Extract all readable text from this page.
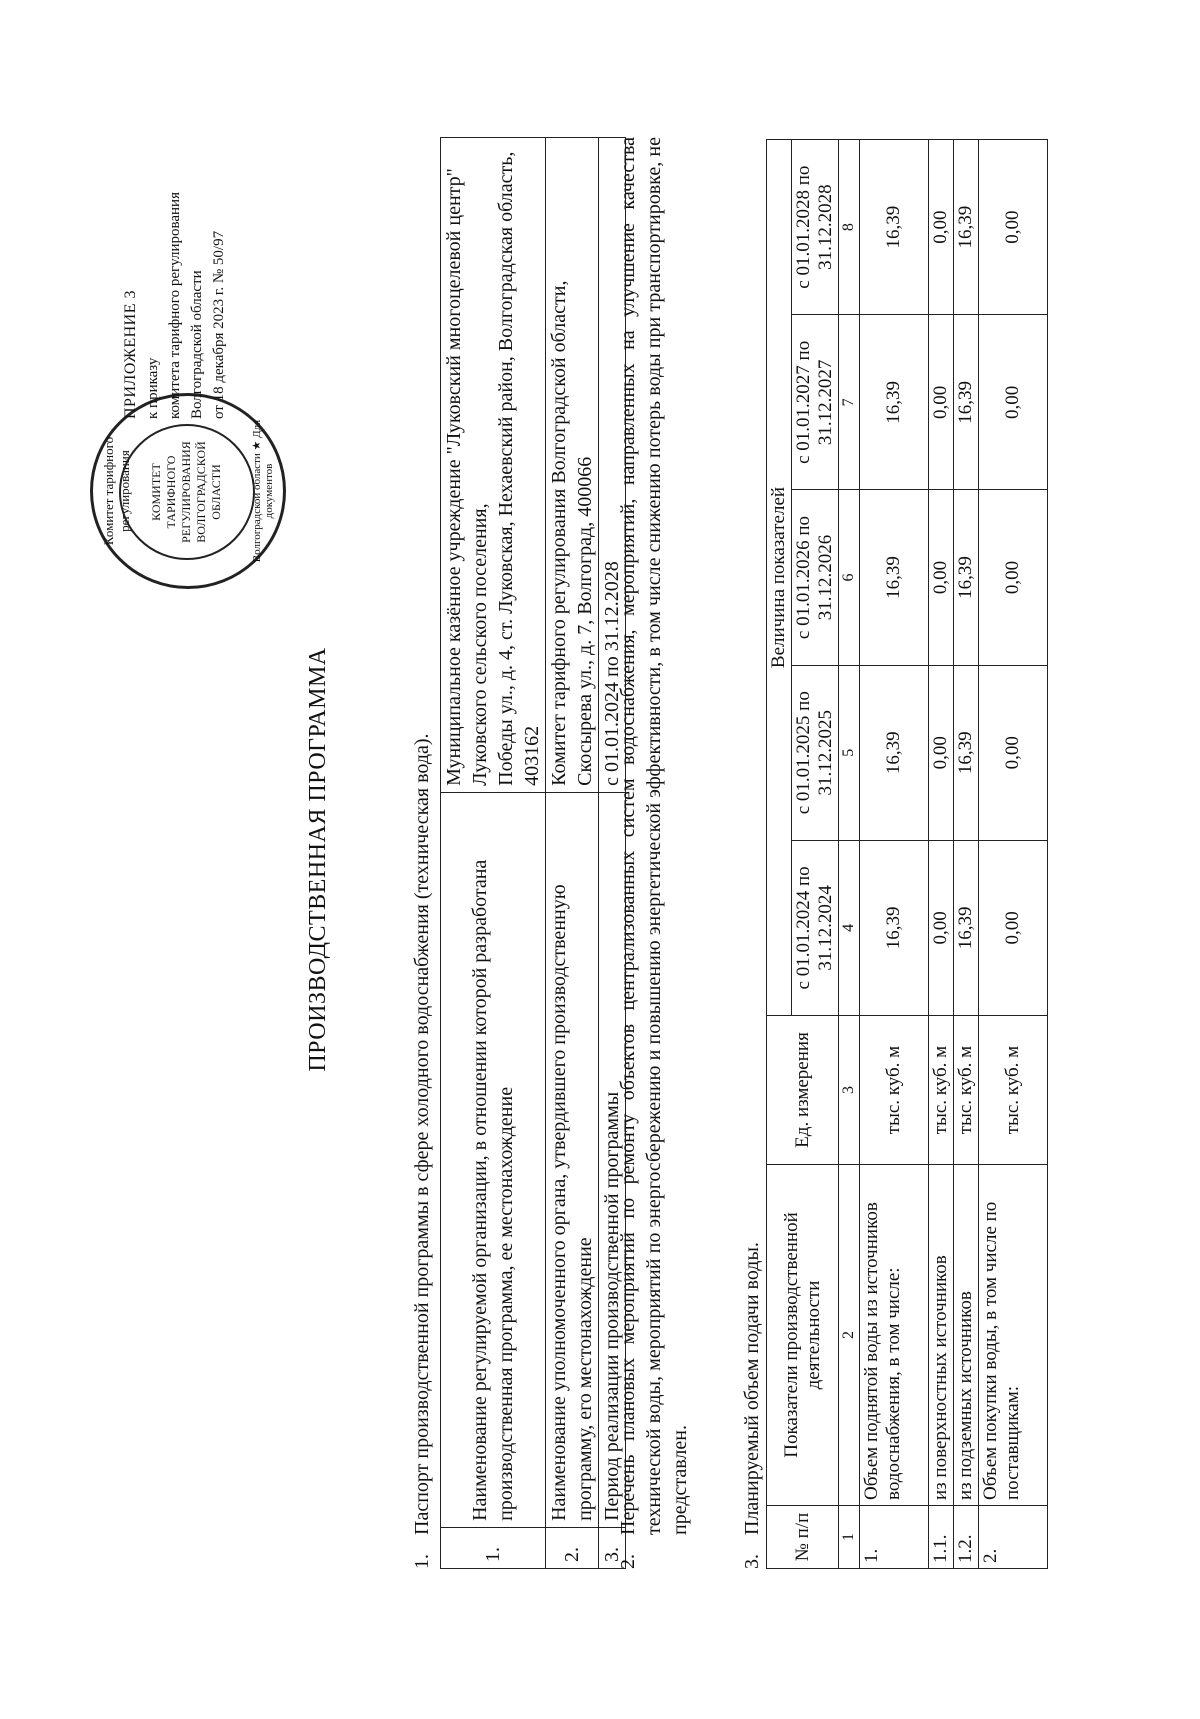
Комитет тарифного регулирования КОМИТЕТ ТАРИФНОГО РЕГУЛИРОВАНИЯ ВОЛГОГРАДСКОЙ ОБЛАСТИ	Волгоградской области ★ Для документов
ПРИЛОЖЕНИЕ 3 к приказу комитета тарифного регулирования Волгоградской области от 18 декабря 2023 г. № 50/97
ПРОИЗВОДСТВЕННАЯ ПРОГРАММА
1.Паспорт производственной программы в сфере холодного водоснабжения (техническая вода).
1.	Наименование регулируемой организации, в отношении которой разработана производственная программа, ее местонахождение	Муниципальное казённое учреждение "Луковский многоцелевой центр" Луковского сельского поселения, Победы ул., д. 4, ст. Луковская, Нехаевский район, Волгоградская область, 403162

2.	Наименование уполномоченного органа, утвердившего производственную программу, его местонахождение	Комитет тарифного регулирования Волгоградской области, Скосырева ул., д. 7, Волгоград, 400066

3.	Период реализации производственной программы	с 01.01.2024 по 31.12.2028
2.
Перечень плановых мероприятий по ремонту объектов централизованных систем водоснабжения, мероприятий, направленных на улучшение качества технической воды, мероприятий по энергосбережению и повышению энергетической эффективности, в том числе снижению потерь воды при транспортировке, не представлен.
3.Планируемый объем подачи воды.
№ п/п	Показатели производственной деятельности	Ед. измерения	Величина показателей				
			с 01.01.2024 по 31.12.2024	с 01.01.2025 по 31.12.2025	с 01.01.2026 по 31.12.2026	с 01.01.2027 по 31.12.2027	с 01.01.2028 по 31.12.2028
1	2	3	4	5	6	7	8
1.	Объем поднятой воды из источников водоснабжения, в том числе:	тыс. куб. м	16,39	16,39	16,39	16,39	16,39
1.1.	из поверхностных источников	тыс. куб. м	0,00	0,00	0,00	0,00	0,00
1.2.	из подземных источников	тыс. куб. м	16,39	16,39	16,39	16,39	16,39
2.	Объем покупки воды, в том числе по поставщикам:	тыс. куб. м	0,00	0,00	0,00	0,00	0,00
